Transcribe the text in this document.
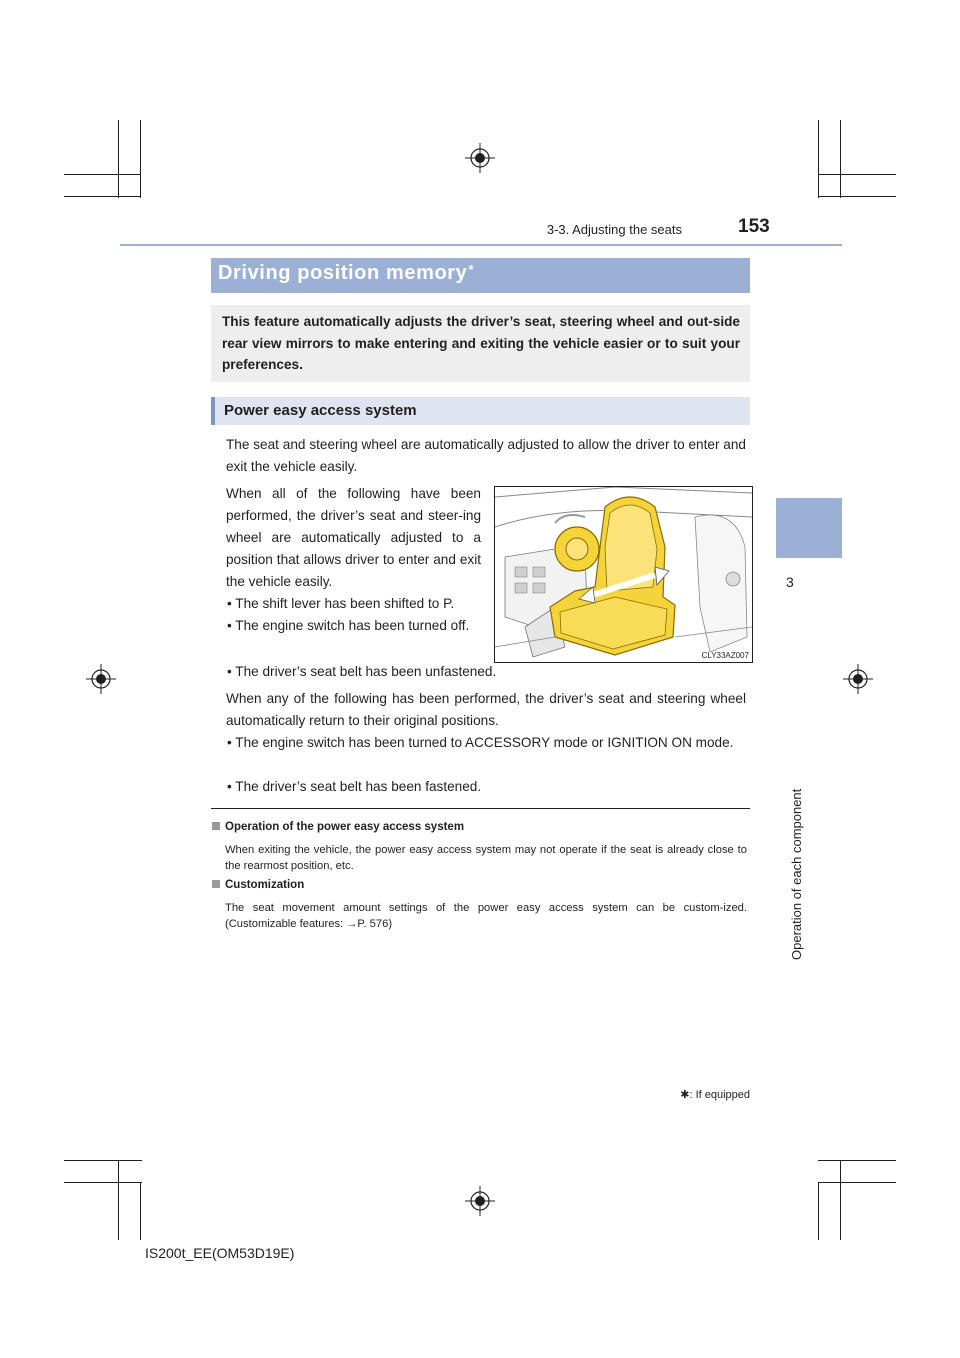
3-3. Adjusting the seats	153
3
Operation of each component
Driving position memory*
This feature automatically adjusts the driver’s seat, steering wheel and out-side rear view mirrors to make entering and exiting the vehicle easier or to suit your preferences.
Power easy access system
The seat and steering wheel are automatically adjusted to allow the driver to enter and exit the vehicle easily.
When all of the following have been performed, the driver’s seat and steer-ing wheel are automatically adjusted to a position that allows driver to enter and exit the vehicle easily.
• The shift lever has been shifted to P.
• The engine switch has been turned off.
• The driver’s seat belt has been unfastened.
When any of the following has been performed, the driver’s seat and steering wheel automatically return to their original positions.
• The engine switch has been turned to ACCESSORY mode or IGNITION ON mode.
• The driver’s seat belt has been fastened.
CLY33AZ007
Operation of the power easy access system
When exiting the vehicle, the power easy access system may not operate if the seat is already close to the rearmost position, etc.
Customization
The seat movement amount settings of the power easy access system can be custom-ized. (Customizable features: →P. 576)
✱: If equipped
IS200t_EE(OM53D19E)
